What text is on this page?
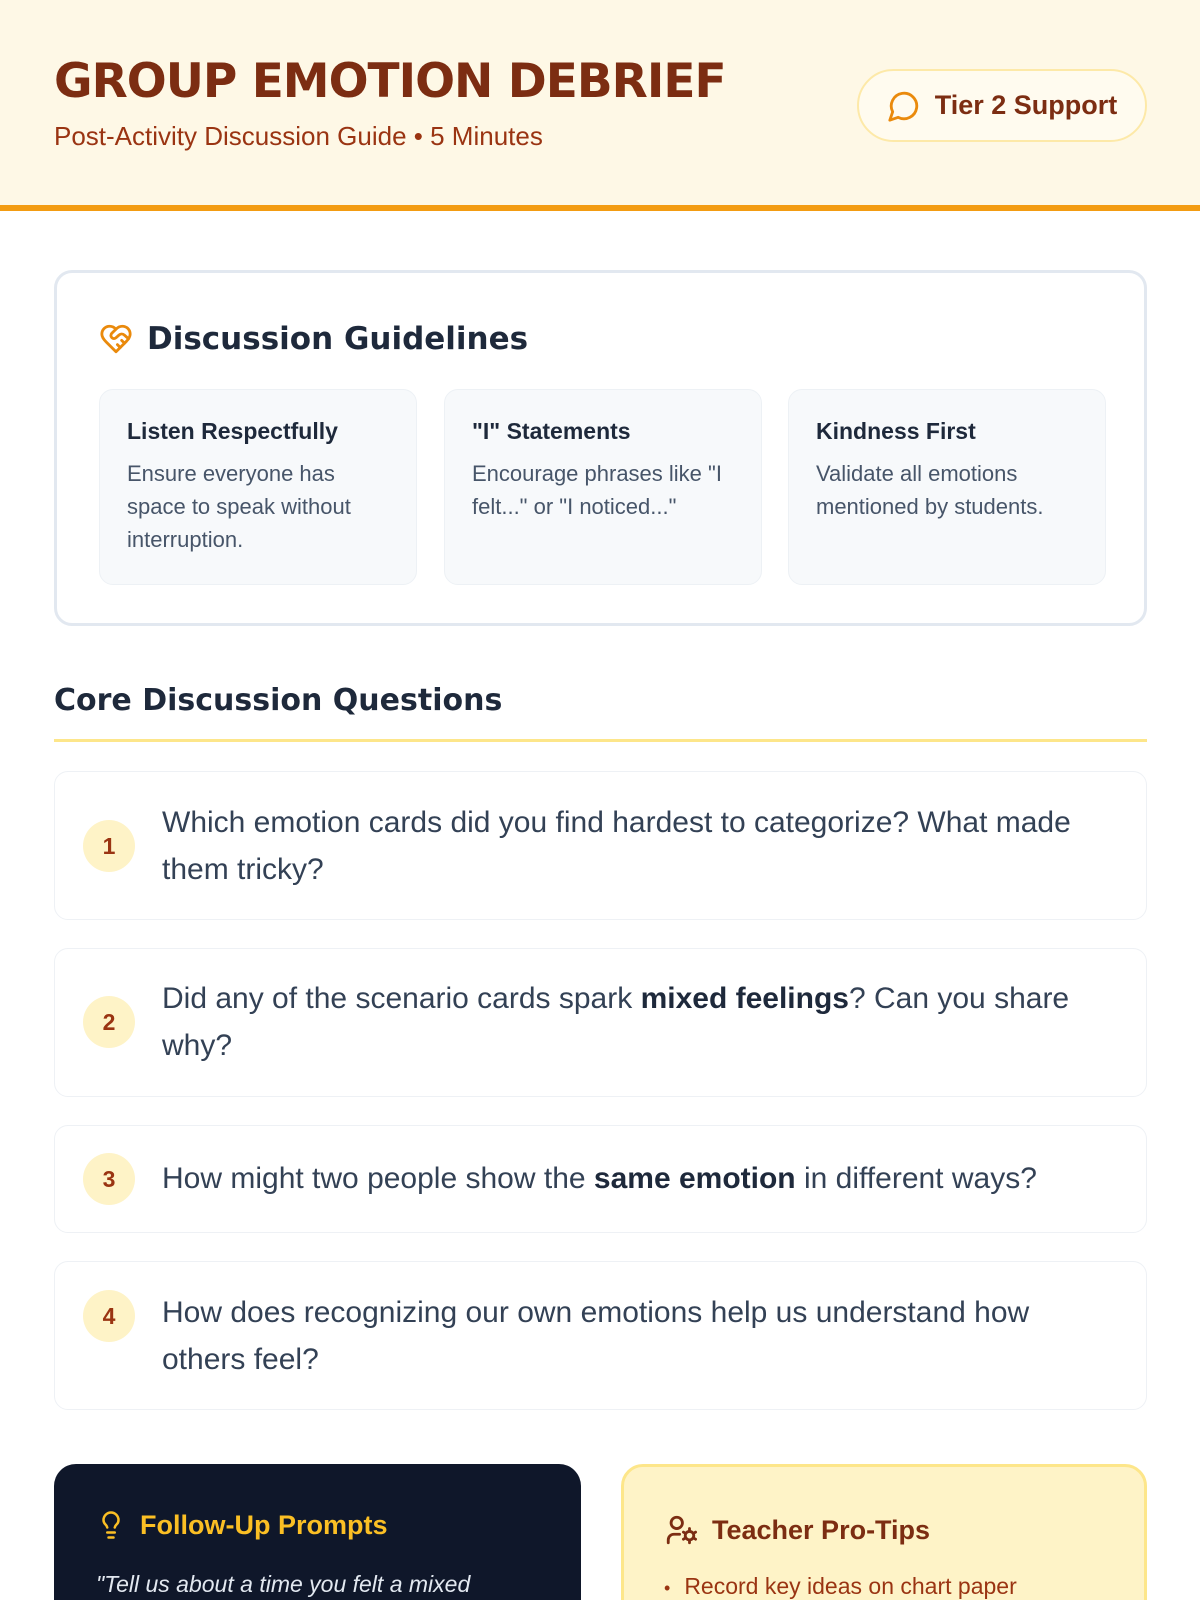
GROUP EMOTION DEBRIEF
Post-Activity Discussion Guide • 5 Minutes
Tier 2 Support
Discussion Guidelines
Listen Respectfully
Ensure everyone has space to speak without interruption.
"I" Statements
Encourage phrases like "I felt..." or "I noticed..."
Kindness First
Validate all emotions mentioned by students.
Core Discussion Questions
1
Which emotion cards did you find hardest to categorize? What made them tricky?
2
Did any of the scenario cards spark mixed feelings? Can you share why?
3	How might two people show the same emotion in different ways?
4	How does recognizing our own emotions help us understand how others feel?
Follow-Up Prompts
"Tell us about a time you felt a mixed
Teacher Pro-Tips
• Record key ideas on chart paper
